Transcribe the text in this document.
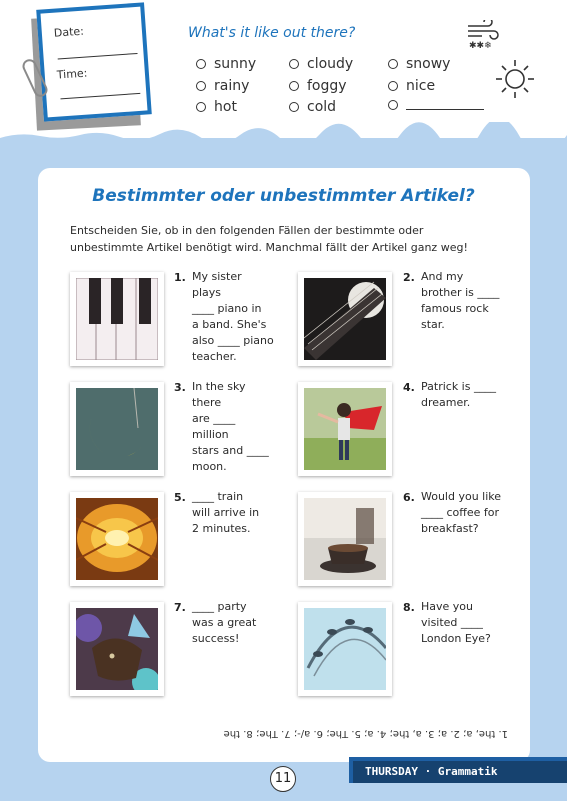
Date:
Time:
What's it like out there?
sunny
rainy
hot
cloudy
foggy
cold
snowy
nice
✱✱❄
Bestimmter oder unbestimmter Artikel?
Entscheiden Sie, ob in den folgenden Fällen der bestimmte oder unbestimmte Artikel benötigt wird. Manchmal fällt der Artikel ganz weg!
1. My sister plays
____ piano in
a band. She's
also ____ piano
teacher.
2. And my
brother is ____
famous rock
star.
3. In the sky there
are ____ million
stars and ____
moon.
4. Patrick is ____
dreamer.
5. ____ train
will arrive in
2 minutes.
6. Would you like
____ coffee for
breakfast?
7. ____ party
was a great
success!
8. Have you
visited ____
London Eye?
1. the, a; 2. a; 3. a, the; 4. a; 5. The; 6. a/-; 7. The; 8. the
11	THURSDAY · Grammatik
